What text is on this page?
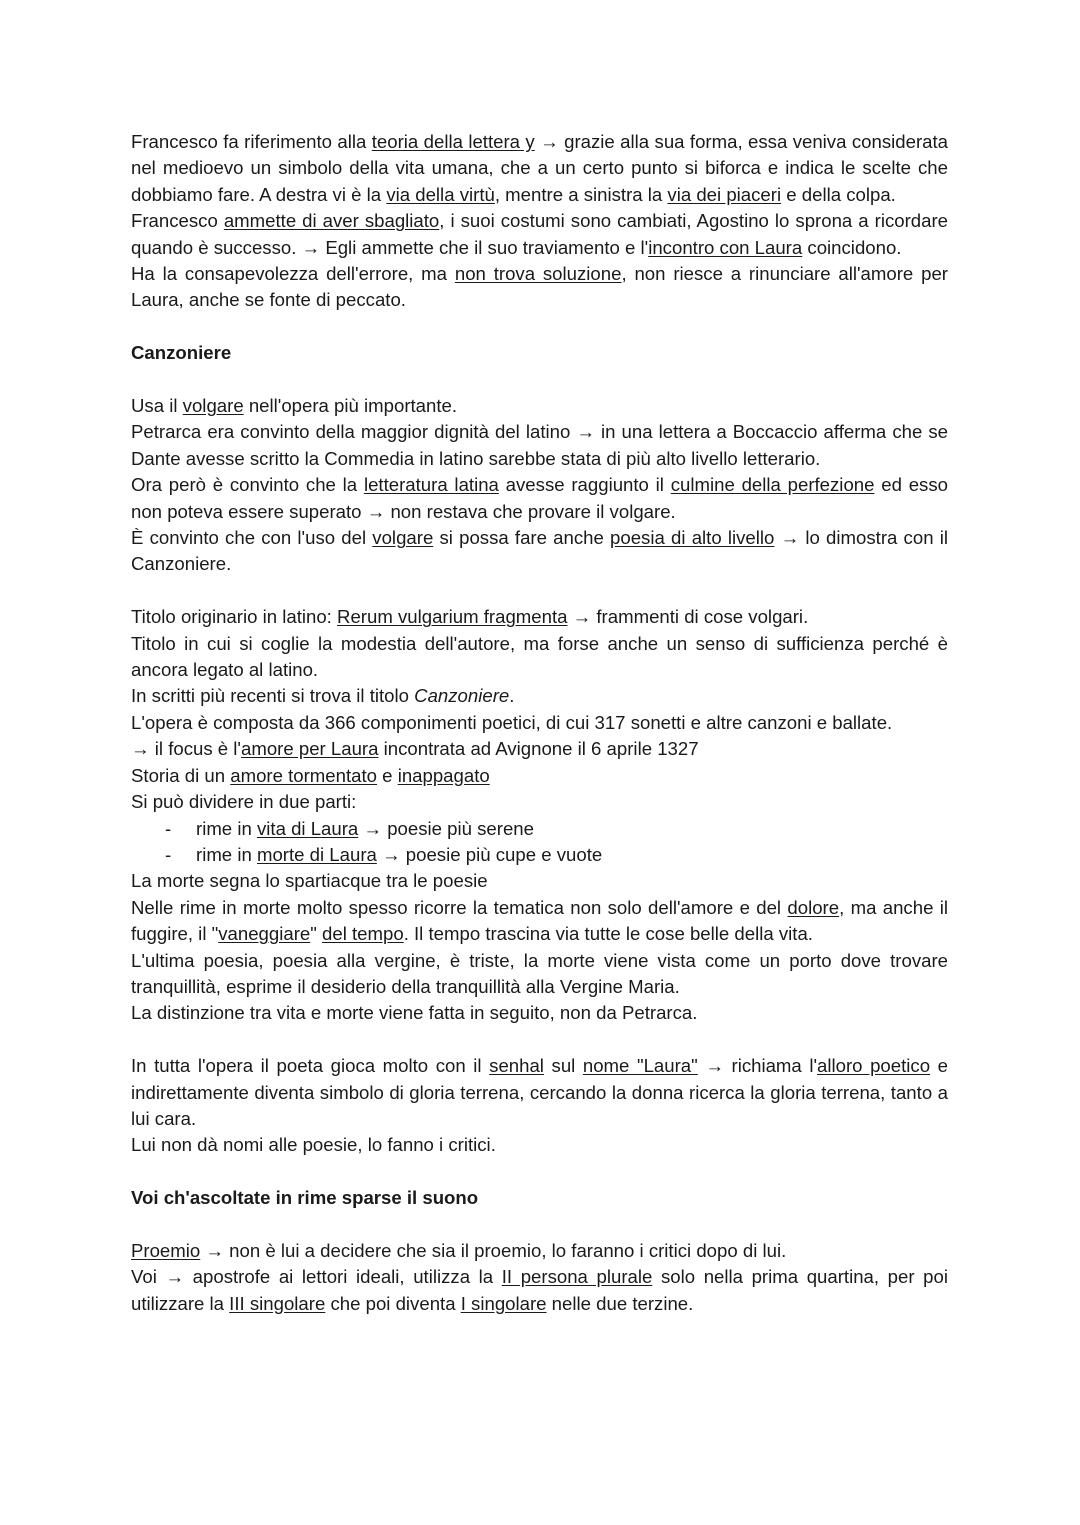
Francesco fa riferimento alla teoria della lettera y → grazie alla sua forma, essa veniva considerata nel medioevo un simbolo della vita umana, che a un certo punto si biforca e indica le scelte che dobbiamo fare. A destra vi è la via della virtù, mentre a sinistra la via dei piaceri e della colpa.

Francesco ammette di aver sbagliato, i suoi costumi sono cambiati, Agostino lo sprona a ricordare quando è successo. → Egli ammette che il suo traviamento e l'incontro con Laura coincidono.

Ha la consapevolezza dell'errore, ma non trova soluzione, non riesce a rinunciare all'amore per Laura, anche se fonte di peccato.

Canzoniere

Usa il volgare nell'opera più importante.

Petrarca era convinto della maggior dignità del latino → in una lettera a Boccaccio afferma che se Dante avesse scritto la Commedia in latino sarebbe stata di più alto livello letterario.

Ora però è convinto che la letteratura latina avesse raggiunto il culmine della perfezione ed esso non poteva essere superato → non restava che provare il volgare.

È convinto che con l'uso del volgare si possa fare anche poesia di alto livello → lo dimostra con il Canzoniere.

Titolo originario in latino: Rerum vulgarium fragmenta → frammenti di cose volgari.

Titolo in cui si coglie la modestia dell'autore, ma forse anche un senso di sufficienza perché è ancora legato al latino.

In scritti più recenti si trova il titolo Canzoniere.

L'opera è composta da 366 componimenti poetici, di cui 317 sonetti e altre canzoni e ballate.

→ il focus è l'amore per Laura incontrata ad Avignone il 6 aprile 1327

Storia di un amore tormentato e inappagato

Si può dividere in due parti:

- rime in vita di Laura → poesie più serene
- rime in morte di Laura → poesie più cupe e vuote

La morte segna lo spartiacque tra le poesie

Nelle rime in morte molto spesso ricorre la tematica non solo dell'amore e del dolore, ma anche il fuggire, il "vaneggiare" del tempo. Il tempo trascina via tutte le cose belle della vita.

L'ultima poesia, poesia alla vergine, è triste, la morte viene vista come un porto dove trovare tranquillità, esprime il desiderio della tranquillità alla Vergine Maria.

La distinzione tra vita e morte viene fatta in seguito, non da Petrarca.

In tutta l'opera il poeta gioca molto con il senhal sul nome "Laura" → richiama l'alloro poetico e indirettamente diventa simbolo di gloria terrena, cercando la donna ricerca la gloria terrena, tanto a lui cara.

Lui non dà nomi alle poesie, lo fanno i critici.

Voi ch'ascoltate in rime sparse il suono

Proemio → non è lui a decidere che sia il proemio, lo faranno i critici dopo di lui.

Voi → apostrofe ai lettori ideali, utilizza la II persona plurale solo nella prima quartina, per poi utilizzare la III singolare che poi diventa I singolare nelle due terzine.
